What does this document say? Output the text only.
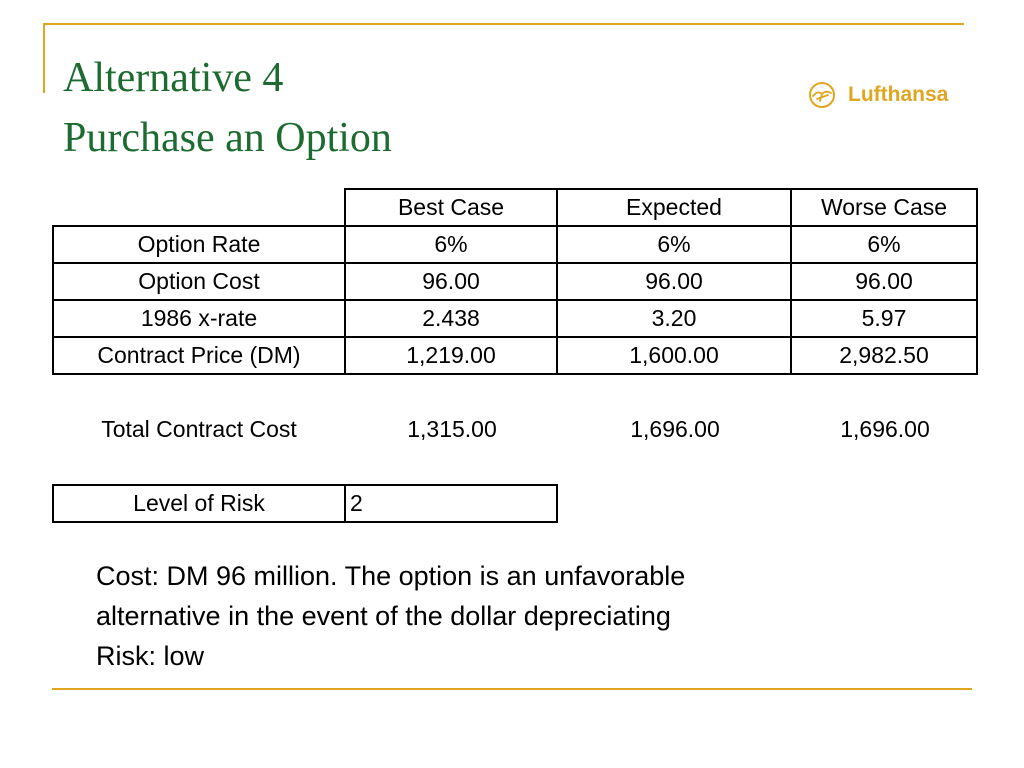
Alternative 4
Purchase an Option
Lufthansa
	Best Case	Expected	Worse Case
Option Rate	6%	6%	6%
Option Cost	96.00	96.00	96.00
1986 x-rate	2.438	3.20	5.97
Contract Price (DM)	1,219.00	1,600.00	2,982.50
Total Contract Cost	1,315.00	1,696.00	1,696.00
Level of Risk	2
Cost: DM 96 million. The option is an unfavorable
alternative in the event of the dollar depreciating
Risk: low
